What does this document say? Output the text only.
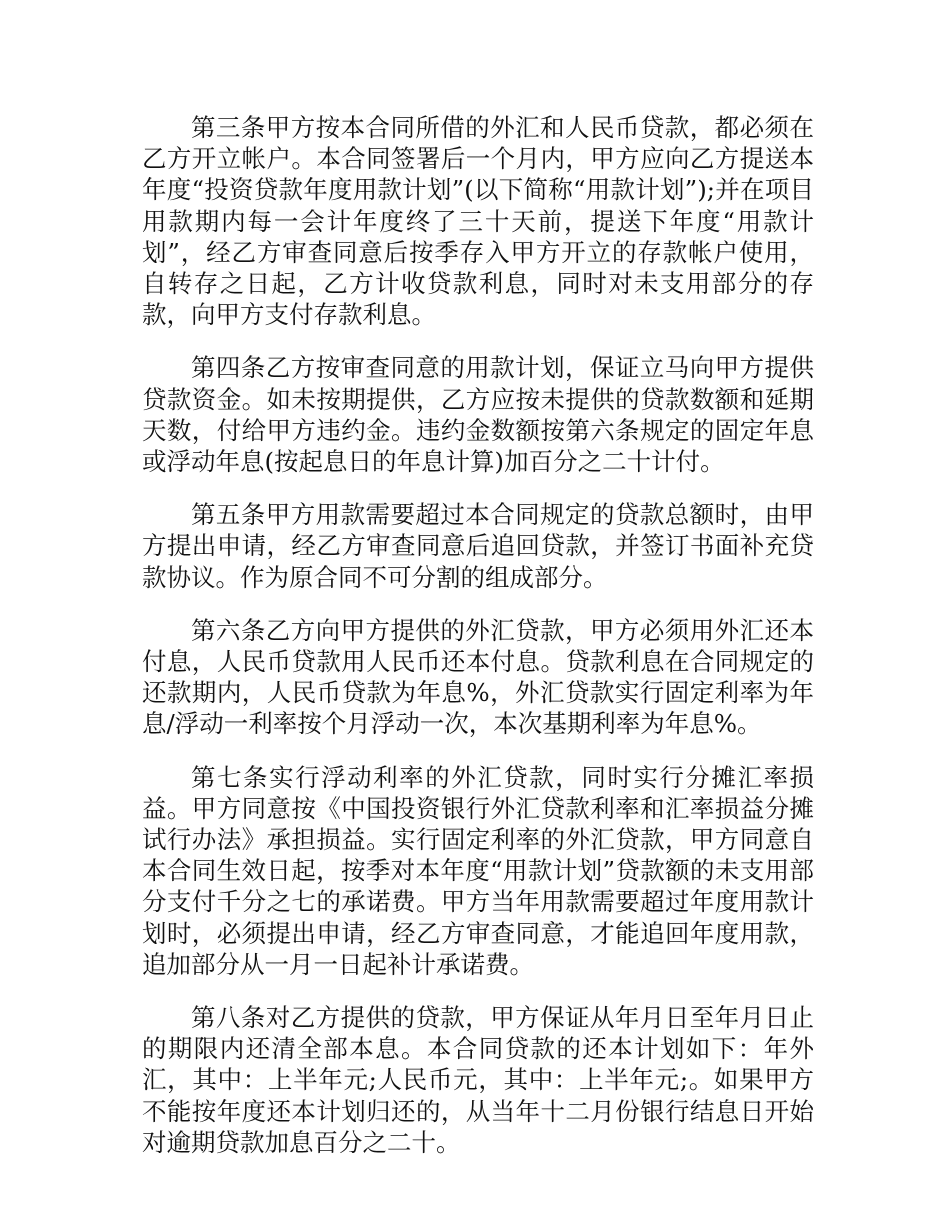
第三条甲方按本合同所借的外汇和人民币贷款，都必须在乙方开立帐户。本合同签署后一个月内，甲方应向乙方提送本年度“投资贷款年度用款计划”(以下简称“用款计划”);并在项目用款期内每一会计年度终了三十天前，提送下年度“用款计划”，经乙方审查同意后按季存入甲方开立的存款帐户使用，自转存之日起，乙方计收贷款利息，同时对未支用部分的存款，向甲方支付存款利息。

第四条乙方按审查同意的用款计划，保证立马向甲方提供贷款资金。如未按期提供，乙方应按未提供的贷款数额和延期天数，付给甲方违约金。违约金数额按第六条规定的固定年息或浮动年息(按起息日的年息计算)加百分之二十计付。

第五条甲方用款需要超过本合同规定的贷款总额时，由甲方提出申请，经乙方审查同意后追回贷款，并签订书面补充贷款协议。作为原合同不可分割的组成部分。

第六条乙方向甲方提供的外汇贷款，甲方必须用外汇还本付息，人民币贷款用人民币还本付息。贷款利息在合同规定的还款期内，人民币贷款为年息%，外汇贷款实行固定利率为年息/浮动一利率按个月浮动一次，本次基期利率为年息%。

第七条实行浮动利率的外汇贷款，同时实行分摊汇率损益。甲方同意按《中国投资银行外汇贷款利率和汇率损益分摊试行办法》承担损益。实行固定利率的外汇贷款，甲方同意自本合同生效日起，按季对本年度“用款计划”贷款额的未支用部分支付千分之七的承诺费。甲方当年用款需要超过年度用款计划时，必须提出申请，经乙方审查同意，才能追回年度用款，追加部分从一月一日起补计承诺费。

第八条对乙方提供的贷款，甲方保证从年月日至年月日止的期限内还清全部本息。本合同贷款的还本计划如下：年外汇，其中：上半年元;人民币元，其中：上半年元;。如果甲方不能按年度还本计划归还的，从当年十二月份银行结息日开始对逾期贷款加息百分之二十。
